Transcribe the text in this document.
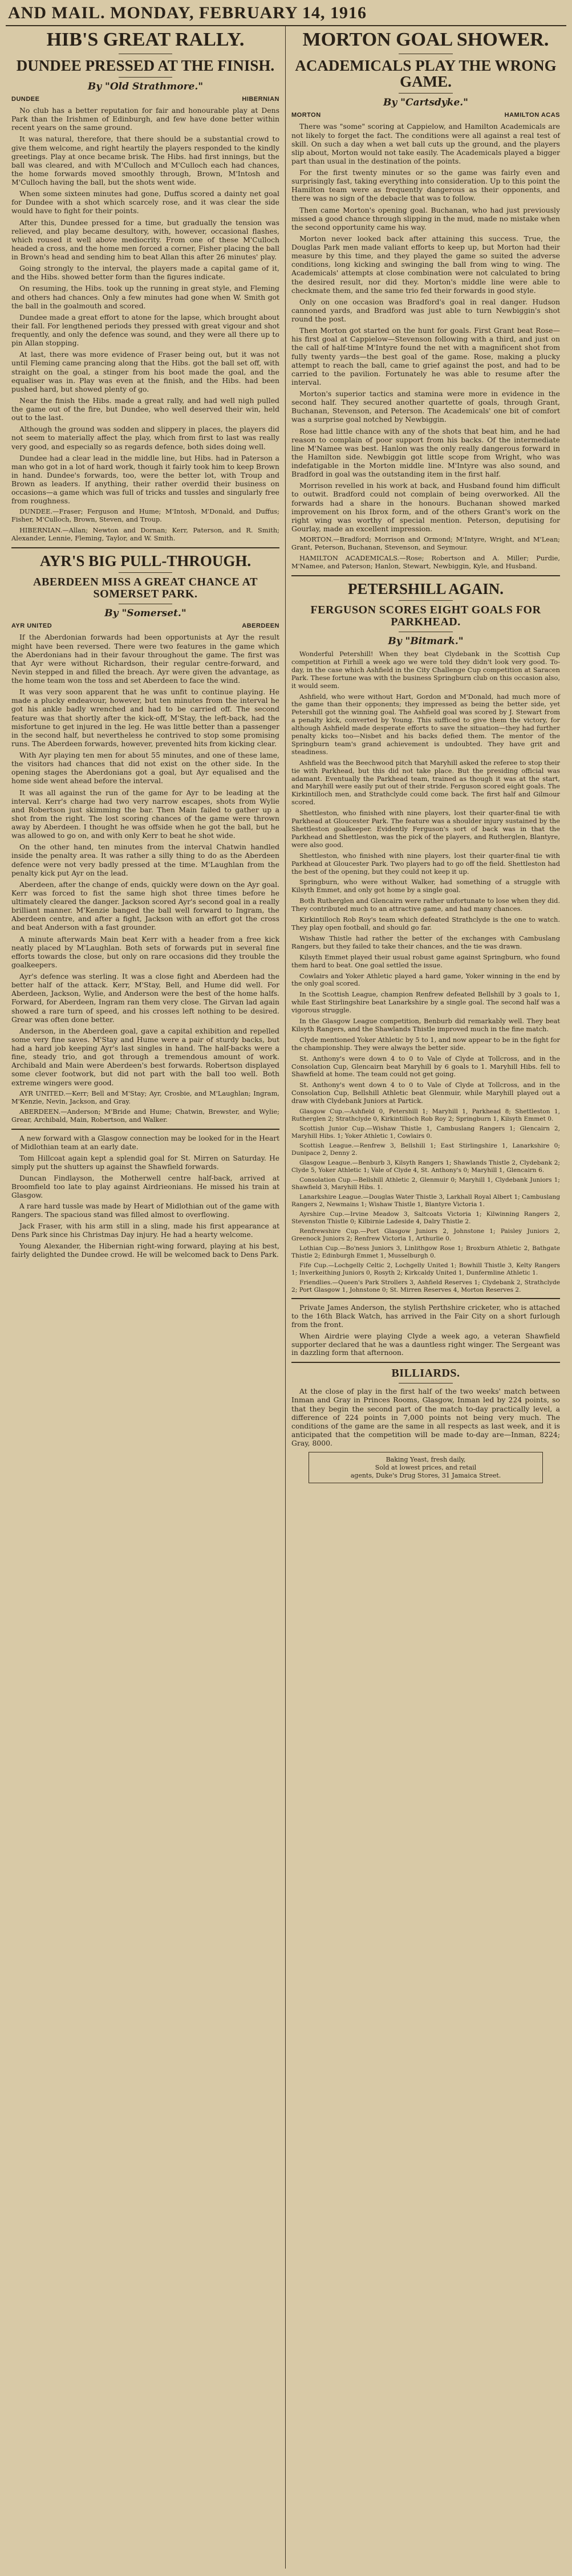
AND MAIL. MONDAY, FEBRUARY 14, 1916
HIB'S GREAT RALLY.
DUNDEE PRESSED AT THE FINISH.
By "Old Strathmore."
DUNDEE	HIBERNIAN

No club has a better reputation for fair and honourable play at Dens Park than the Irishmen of Edinburgh, and few have done better within recent years on the same ground.

It was natural, therefore, that there should be a substantial crowd to give them welcome, and right heartily the players responded to the kindly greetings. Play at once became brisk. The Hibs. had first innings, but the ball was cleared, and with M'Culloch and M'Culloch each had chances, the home forwards moved smoothly through, Brown, M'Intosh and M'Culloch having the ball, but the shots went wide.

When some sixteen minutes had gone, Duffus scored a dainty net goal for Dundee with a shot which scarcely rose, and it was clear the side would have to fight for their points.

After this, Dundee pressed for a time, but gradually the tension was relieved, and play became desultory, with, however, occasional flashes, which roused it well above mediocrity. From one of these M'Culloch headed a cross, and the home men forced a corner, Fisher placing the ball in Brown's head and sending him to beat Allan this after 26 minutes' play.

Going strongly to the interval, the players made a capital game of it, and the Hibs. showed better form than the figures indicate.

On resuming, the Hibs. took up the running in great style, and Fleming and others had chances. Only a few minutes had gone when W. Smith got the ball in the goalmouth and scored.

Dundee made a great effort to atone for the lapse, which brought about their fall. For lengthened periods they pressed with great vigour and shot frequently, and only the defence was sound, and they were all there up to pin Allan stopping.

At last, there was more evidence of Fraser being out, but it was not until Fleming came prancing along that the Hibs. got the ball set off, with straight on the goal, a stinger from his boot made the goal, and the equaliser was in. Play was even at the finish, and the Hibs. had been pushed hard, but showed plenty of go.

Near the finish the Hibs. made a great rally, and had well nigh pulled the game out of the fire, but Dundee, who well deserved their win, held out to the last.

Although the ground was sodden and slippery in places, the players did not seem to materially affect the play, which from first to last was really very good, and especially so as regards defence, both sides doing well.

Dundee had a clear lead in the middle line, but Hibs. had in Paterson a man who got in a lot of hard work, though it fairly took him to keep Brown in hand. Dundee's forwards, too, were the better lot, with Troup and Brown as leaders. If anything, their rather overdid their business on occasions—a game which was full of tricks and tussles and singularly free from roughness.

DUNDEE.—Fraser; Ferguson and Hume; M'Intosh, M'Donald, and Duffus; Fisher, M'Culloch, Brown, Steven, and Troup.

HIBERNIAN.—Allan; Newton and Dornan; Kerr, Paterson, and R. Smith; Alexander, Lennie, Fleming, Taylor, and W. Smith.

AYR'S BIG PULL-THROUGH.
ABERDEEN MISS A GREAT CHANCE AT SOMERSET PARK.
By "Somerset."
AYR UNITED	ABERDEEN

If the Aberdonian forwards had been opportunists at Ayr the result might have been reversed. There were two features in the game which the Aberdonians had in their favour throughout the game. The first was that Ayr were without Richardson, their regular centre-forward, and Nevin stepped in and filled the breach. Ayr were given the advantage, as the home team won the toss and set Aberdeen to face the wind.

It was very soon apparent that he was unfit to continue playing. He made a plucky endeavour, however, but ten minutes from the interval he got his ankle badly wrenched and had to be carried off. The second feature was that shortly after the kick-off, M'Stay, the left-back, had the misfortune to get injured in the leg. He was little better than a passenger in the second half, but nevertheless he contrived to stop some promising runs. The Aberdeen forwards, however, prevented hits from kicking clear.

With Ayr playing ten men for about 55 minutes, and one of these lame, the visitors had chances that did not exist on the other side. In the opening stages the Aberdonians got a goal, but Ayr equalised and the home side went ahead before the interval.

It was all against the run of the game for Ayr to be leading at the interval. Kerr's charge had two very narrow escapes, shots from Wylie and Robertson just skimming the bar. Then Main failed to gather up a shot from the right. The lost scoring chances of the game were thrown away by Aberdeen. I thought he was offside when he got the ball, but he was allowed to go on, and with only Kerr to beat he shot wide.

On the other hand, ten minutes from the interval Chatwin handled inside the penalty area. It was rather a silly thing to do as the Aberdeen defence were not very badly pressed at the time. M'Laughlan from the penalty kick put Ayr on the lead.

Aberdeen, after the change of ends, quickly were down on the Ayr goal. Kerr was forced to fist the same high shot three times before he ultimately cleared the danger. Jackson scored Ayr's second goal in a really brilliant manner. M'Kenzie banged the ball well forward to Ingram, the Aberdeen centre, and after a fight, Jackson with an effort got the cross and beat Anderson with a fast grounder.

A minute afterwards Main beat Kerr with a header from a free kick neatly placed by M'Laughlan. Both sets of forwards put in several fine efforts towards the close, but only on rare occasions did they trouble the goalkeepers.

Ayr's defence was sterling. It was a close fight and Aberdeen had the better half of the attack. Kerr, M'Stay, Bell, and Hume did well. For Aberdeen, Jackson, Wylie, and Anderson were the best of the home halfs. Forward, for Aberdeen, Ingram ran them very close. The Girvan lad again showed a rare turn of speed, and his crosses left nothing to be desired. Grear was often done better.

Anderson, in the Aberdeen goal, gave a capital exhibition and repelled some very fine saves. M'Stay and Hume were a pair of sturdy backs, but had a hard job keeping Ayr's last singles in hand. The half-backs were a fine, steady trio, and got through a tremendous amount of work. Archibald and Main were Aberdeen's best forwards. Robertson displayed some clever footwork, but did not part with the ball too well. Both extreme wingers were good.

AYR UNITED.—Kerr; Bell and M'Stay; Ayr, Crosbie, and M'Laughlan; Ingram, M'Kenzie, Nevin, Jackson, and Gray.

ABERDEEN.—Anderson; M'Bride and Hume; Chatwin, Brewster, and Wylie; Grear, Archibald, Main, Robertson, and Walker.

A new forward with a Glasgow connection may be looked for in the Heart of Midlothian team at an early date.

Tom Hillcoat again kept a splendid goal for St. Mirren on Saturday. He simply put the shutters up against the Shawfield forwards.

Duncan Findlayson, the Motherwell centre half-back, arrived at Broomfield too late to play against Airdrieonians. He missed his train at Glasgow.

A rare hard tussle was made by Heart of Midlothian out of the game with Rangers. The spacious stand was filled almost to overflowing.

Jack Fraser, with his arm still in a sling, made his first appearance at Dens Park since his Christmas Day injury. He had a hearty welcome.

Young Alexander, the Hibernian right-wing forward, playing at his best, fairly delighted the Dundee crowd. He will be welcomed back to Dens Park.

MORTON GOAL SHOWER.
ACADEMICALS PLAY THE WRONG GAME.
By "Cartsdyke."
MORTON	HAMILTON ACAS

There was "some" scoring at Cappielow, and Hamilton Academicals are not likely to forget the fact. The conditions were all against a real test of skill. On such a day when a wet ball cuts up the ground, and the players slip about, Morton would not take easily. The Academicals played a bigger part than usual in the destination of the points.

For the first twenty minutes or so the game was fairly even and surprisingly fast, taking everything into consideration. Up to this point the Hamilton team were as frequently dangerous as their opponents, and there was no sign of the debacle that was to follow.

Then came Morton's opening goal. Buchanan, who had just previously missed a good chance through slipping in the mud, made no mistake when the second opportunity came his way.

Morton never looked back after attaining this success. True, the Douglas Park men made valiant efforts to keep up, but Morton had their measure by this time, and they played the game so suited the adverse conditions, long kicking and swinging the ball from wing to wing. The Academicals' attempts at close combination were not calculated to bring the desired result, nor did they. Morton's middle line were able to checkmate them, and the same trio fed their forwards in good style.

Only on one occasion was Bradford's goal in real danger. Hudson cannoned yards, and Bradford was just able to turn Newbiggin's shot round the post.

Then Morton got started on the hunt for goals. First Grant beat Rose—his first goal at Cappielow—Stevenson following with a third, and just on the call of half-time M'Intyre found the net with a magnificent shot from fully twenty yards—the best goal of the game. Rose, making a plucky attempt to reach the ball, came to grief against the post, and had to be carried to the pavilion. Fortunately he was able to resume after the interval.

Morton's superior tactics and stamina were more in evidence in the second half. They secured another quartette of goals, through Grant, Buchanan, Stevenson, and Peterson. The Academicals' one bit of comfort was a surprise goal notched by Newbiggin.

Rose had little chance with any of the shots that beat him, and he had reason to complain of poor support from his backs. Of the intermediate line M'Namee was best. Hanlon was the only really dangerous forward in the Hamilton side. Newbiggin got little scope from Wright, who was indefatigable in the Morton middle line. M'Intyre was also sound, and Bradford in goal was the outstanding item in the first half.

Morrison revelled in his work at back, and Husband found him difficult to outwit. Bradford could not complain of being overworked. All the forwards had a share in the honours. Buchanan showed marked improvement on his Ibrox form, and of the others Grant's work on the right wing was worthy of special mention. Peterson, deputising for Gourlay, made an excellent impression.

MORTON.—Bradford; Morrison and Ormond; M'Intyre, Wright, and M'Lean; Grant, Peterson, Buchanan, Stevenson, and Seymour.

HAMILTON ACADEMICALS.—Rose; Robertson and A. Miller; Purdie, M'Namee, and Paterson; Hanlon, Stewart, Newbiggin, Kyle, and Husband.

PETERSHILL AGAIN.
FERGUSON SCORES EIGHT GOALS FOR PARKHEAD.
By "Bitmark."

Wonderful Petershill! When they beat Clydebank in the Scottish Cup competition at Firhill a week ago we were told they didn't look very good. To-day, in the case which Ashfield in the City Challenge Cup competition at Saracen Park. These fortune was with the business Springburn club on this occasion also, it would seem.

Ashfield, who were without Hart, Gordon and M'Donald, had much more of the game than their opponents; they impressed as being the better side, yet Petershill got the winning goal. The Ashfield goal was scored by J. Stewart from a penalty kick, converted by Young. This sufficed to give them the victory, for although Ashfield made desperate efforts to save the situation—they had further penalty kicks too—Nisbet and his backs defied them. The mentor of the Springburn team's grand achievement is undoubted. They have grit and steadiness.

Ashfield was the Beechwood pitch that Maryhill asked the referee to stop their tie with Parkhead, but this did not take place. But the presiding official was adamant. Eventually the Parkhead team, trained as though it was at the start, and Maryhill were easily put out of their stride. Ferguson scored eight goals. The Kirkintilloch men, and Strathclyde could come back. The first half and Gilmour scored.

Shettleston, who finished with nine players, lost their quarter-final tie with Parkhead at Gloucester Park. The feature was a shoulder injury sustained by the Shettleston goalkeeper. Evidently Ferguson's sort of back was in that the Parkhead and Shettleston, was the pick of the players, and Rutherglen, Blantyre, were also good.

Shettleston, who finished with nine players, lost their quarter-final tie with Parkhead at Gloucester Park. Two players had to go off the field. Shettleston had the best of the opening, but they could not keep it up.

Springburn, who were without Walker, had something of a struggle with Kilsyth Emmet, and only got home by a single goal.

Both Rutherglen and Glencairn were rather unfortunate to lose when they did. They contributed much to an attractive game, and had many chances.

Kirkintilloch Rob Roy's team which defeated Strathclyde is the one to watch. They play open football, and should go far.

Wishaw Thistle had rather the better of the exchanges with Cambuslang Rangers, but they failed to take their chances, and the tie was drawn.

Kilsyth Emmet played their usual robust game against Springburn, who found them hard to beat. One goal settled the issue.

Cowlairs and Yoker Athletic played a hard game, Yoker winning in the end by the only goal scored.

In the Scottish League, champion Renfrew defeated Bellshill by 3 goals to 1, while East Stirlingshire beat Lanarkshire by a single goal. The second half was a vigorous struggle.

In the Glasgow League competition, Benburb did remarkably well. They beat Kilsyth Rangers, and the Shawlands Thistle improved much in the fine match.

Clyde mentioned Yoker Athletic by 5 to 1, and now appear to be in the fight for the championship. They were always the better side.

St. Anthony's were down 4 to 0 to Vale of Clyde at Tollcross, and in the Consolation Cup, Glencairn beat Maryhill by 6 goals to 1. Maryhill Hibs. fell to Shawfield at home. The team could not get going.

St. Anthony's went down 4 to 0 to Vale of Clyde at Tollcross, and in the Consolation Cup, Bellshill Athletic beat Glenmuir, while Maryhill played out a draw with Clydebank Juniors at Partick.

Glasgow Cup.—Ashfield 0, Petershill 1; Maryhill 1, Parkhead 8; Shettleston 1, Rutherglen 2; Strathclyde 0, Kirkintilloch Rob Roy 2; Springburn 1, Kilsyth Emmet 0.

Scottish Junior Cup.—Wishaw Thistle 1, Cambuslang Rangers 1; Glencairn 2, Maryhill Hibs. 1; Yoker Athletic 1, Cowlairs 0.

Scottish League.—Renfrew 3, Bellshill 1; East Stirlingshire 1, Lanarkshire 0; Dunipace 2, Denny 2.

Glasgow League.—Benburb 3, Kilsyth Rangers 1; Shawlands Thistle 2, Clydebank 2; Clyde 5, Yoker Athletic 1; Vale of Clyde 4, St. Anthony's 0; Maryhill 1, Glencairn 6.

Consolation Cup.—Bellshill Athletic 2, Glenmuir 0; Maryhill 1, Clydebank Juniors 1; Shawfield 3, Maryhill Hibs. 1.

Lanarkshire League.—Douglas Water Thistle 3, Larkhall Royal Albert 1; Cambuslang Rangers 2, Newmains 1; Wishaw Thistle 1, Blantyre Victoria 1.

Ayrshire Cup.—Irvine Meadow 3, Saltcoats Victoria 1; Kilwinning Rangers 2, Stevenston Thistle 0; Kilbirnie Ladeside 4, Dalry Thistle 2.

Renfrewshire Cup.—Port Glasgow Juniors 2, Johnstone 1; Paisley Juniors 2, Greenock Juniors 2; Renfrew Victoria 1, Arthurlie 0.

Lothian Cup.—Bo'ness Juniors 3, Linlithgow Rose 1; Broxburn Athletic 2, Bathgate Thistle 2; Edinburgh Emmet 1, Musselburgh 0.

Fife Cup.—Lochgelly Celtic 2, Lochgelly United 1; Bowhill Thistle 3, Kelty Rangers 1; Inverkeithing Juniors 0, Rosyth 2; Kirkcaldy United 1, Dunfermline Athletic 1.

Friendlies.—Queen's Park Strollers 3, Ashfield Reserves 1; Clydebank 2, Strathclyde 2; Port Glasgow 1, Johnstone 0; St. Mirren Reserves 4, Morton Reserves 2.

Private James Anderson, the stylish Perthshire cricketer, who is attached to the 16th Black Watch, has arrived in the Fair City on a short furlough from the front.

When Airdrie were playing Clyde a week ago, a veteran Shawfield supporter declared that he was a dauntless right winger. The Sergeant was in dazzling form that afternoon.

BILLIARDS.

At the close of play in the first half of the two weeks' match between Inman and Gray in Princes Rooms, Glasgow, Inman led by 224 points, so that they begin the second part of the match to-day practically level, a difference of 224 points in 7,000 points not being very much. The conditions of the game are the same in all respects as last week, and it is anticipated that the competition will be made to-day are—Inman, 8224; Gray, 8000.

Baking Yeast, fresh daily,
Sold at lowest prices, and retail
agents, Duke's Drug Stores, 31 Jamaica Street.
